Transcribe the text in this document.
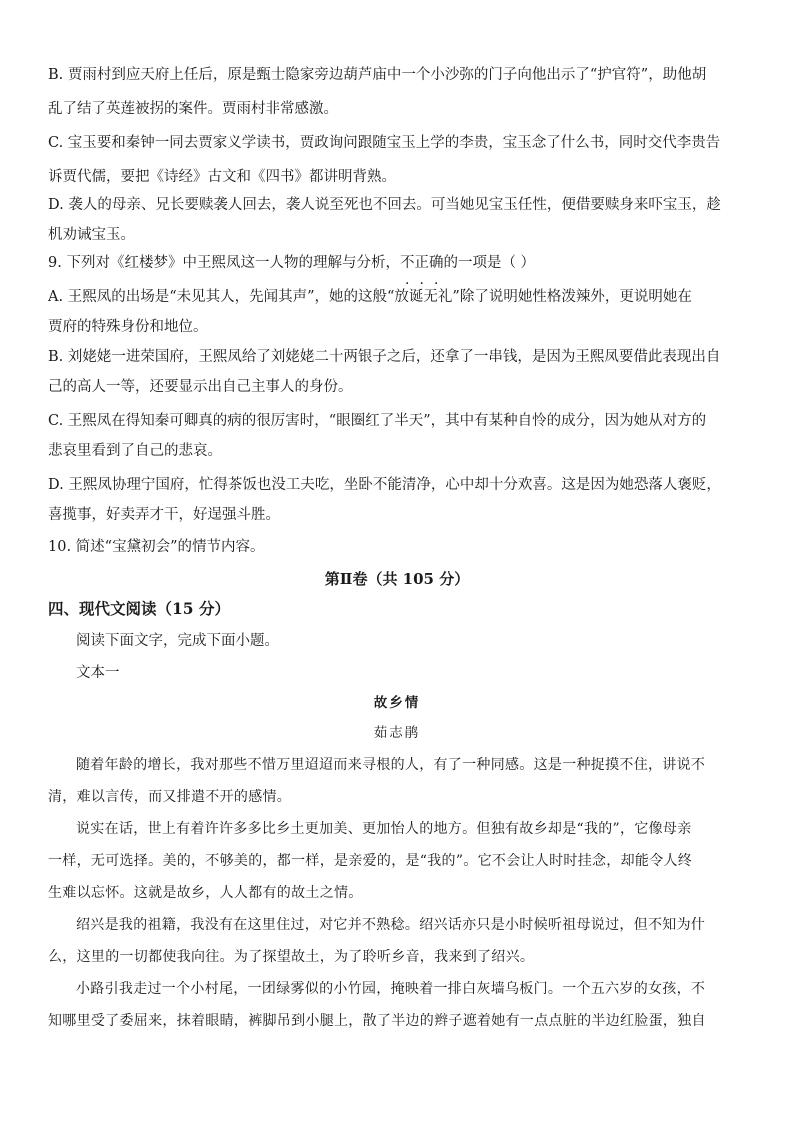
B. 贾雨村到应天府上任后，原是甄士隐家旁边葫芦庙中一个小沙弥的门子向他出示了“护官符”，助他胡
乱了结了英莲被拐的案件。贾雨村非常感激。
C. 宝玉要和秦钟一同去贾家义学读书，贾政询问跟随宝玉上学的李贵，宝玉念了什么书，同时交代李贵告
诉贾代儒，要把《诗经》古文和《四书》都讲明背熟。
D. 袭人的母亲、兄长要赎袭人回去，袭人说至死也不回去。可当她见宝玉任性，便借要赎身来吓宝玉，趁
机劝诫宝玉。
9. 下列对《红楼梦》中王熙凤这一人物的理解与分析，不正确的一项是（ ）
A. 王熙凤的出场是“未见其人，先闻其声”，她的这般“放诞无礼”除了说明她性格泼辣外，更说明她在
贾府的特殊身份和地位。
B. 刘姥姥一进荣国府，王熙凤给了刘姥姥二十两银子之后，还拿了一串钱，是因为王熙凤要借此表现出自
己的高人一等，还要显示出自己主事人的身份。
C. 王熙凤在得知秦可卿真的病的很厉害时，“眼圈红了半天”，其中有某种自怜的成分，因为她从对方的
悲哀里看到了自己的悲哀。
D. 王熙凤协理宁国府，忙得茶饭也没工夫吃，坐卧不能清净，心中却十分欢喜。这是因为她恐落人褒贬，
喜揽事，好卖弄才干，好逞强斗胜。
10. 简述“宝黛初会”的情节内容。
第Ⅱ卷（共 105 分）
四、现代文阅读（15 分）
阅读下面文字，完成下面小题。
文本一
故乡情
茹志鹃
随着年龄的增长，我对那些不惜万里迢迢而来寻根的人，有了一种同感。这是一种捉摸不住，讲说不
清，难以言传，而又排遣不开的感情。
说实在话，世上有着许许多多比乡土更加美、更加怡人的地方。但独有故乡却是“我的”，它像母亲
一样，无可选择。美的，不够美的，都一样，是亲爱的，是“我的”。它不会让人时时挂念，却能令人终
生难以忘怀。这就是故乡，人人都有的故土之情。
绍兴是我的祖籍，我没有在这里住过，对它并不熟稔。绍兴话亦只是小时候听祖母说过，但不知为什
么，这里的一切都使我向往。为了探望故土，为了聆听乡音，我来到了绍兴。
小路引我走过一个小村尾，一团绿雾似的小竹园，掩映着一排白灰墙乌板门。一个五六岁的女孩，不
知哪里受了委屈来，抹着眼睛，裤脚吊到小腿上，散了半边的辫子遮着她有一点点脏的半边红脸蛋，独自
